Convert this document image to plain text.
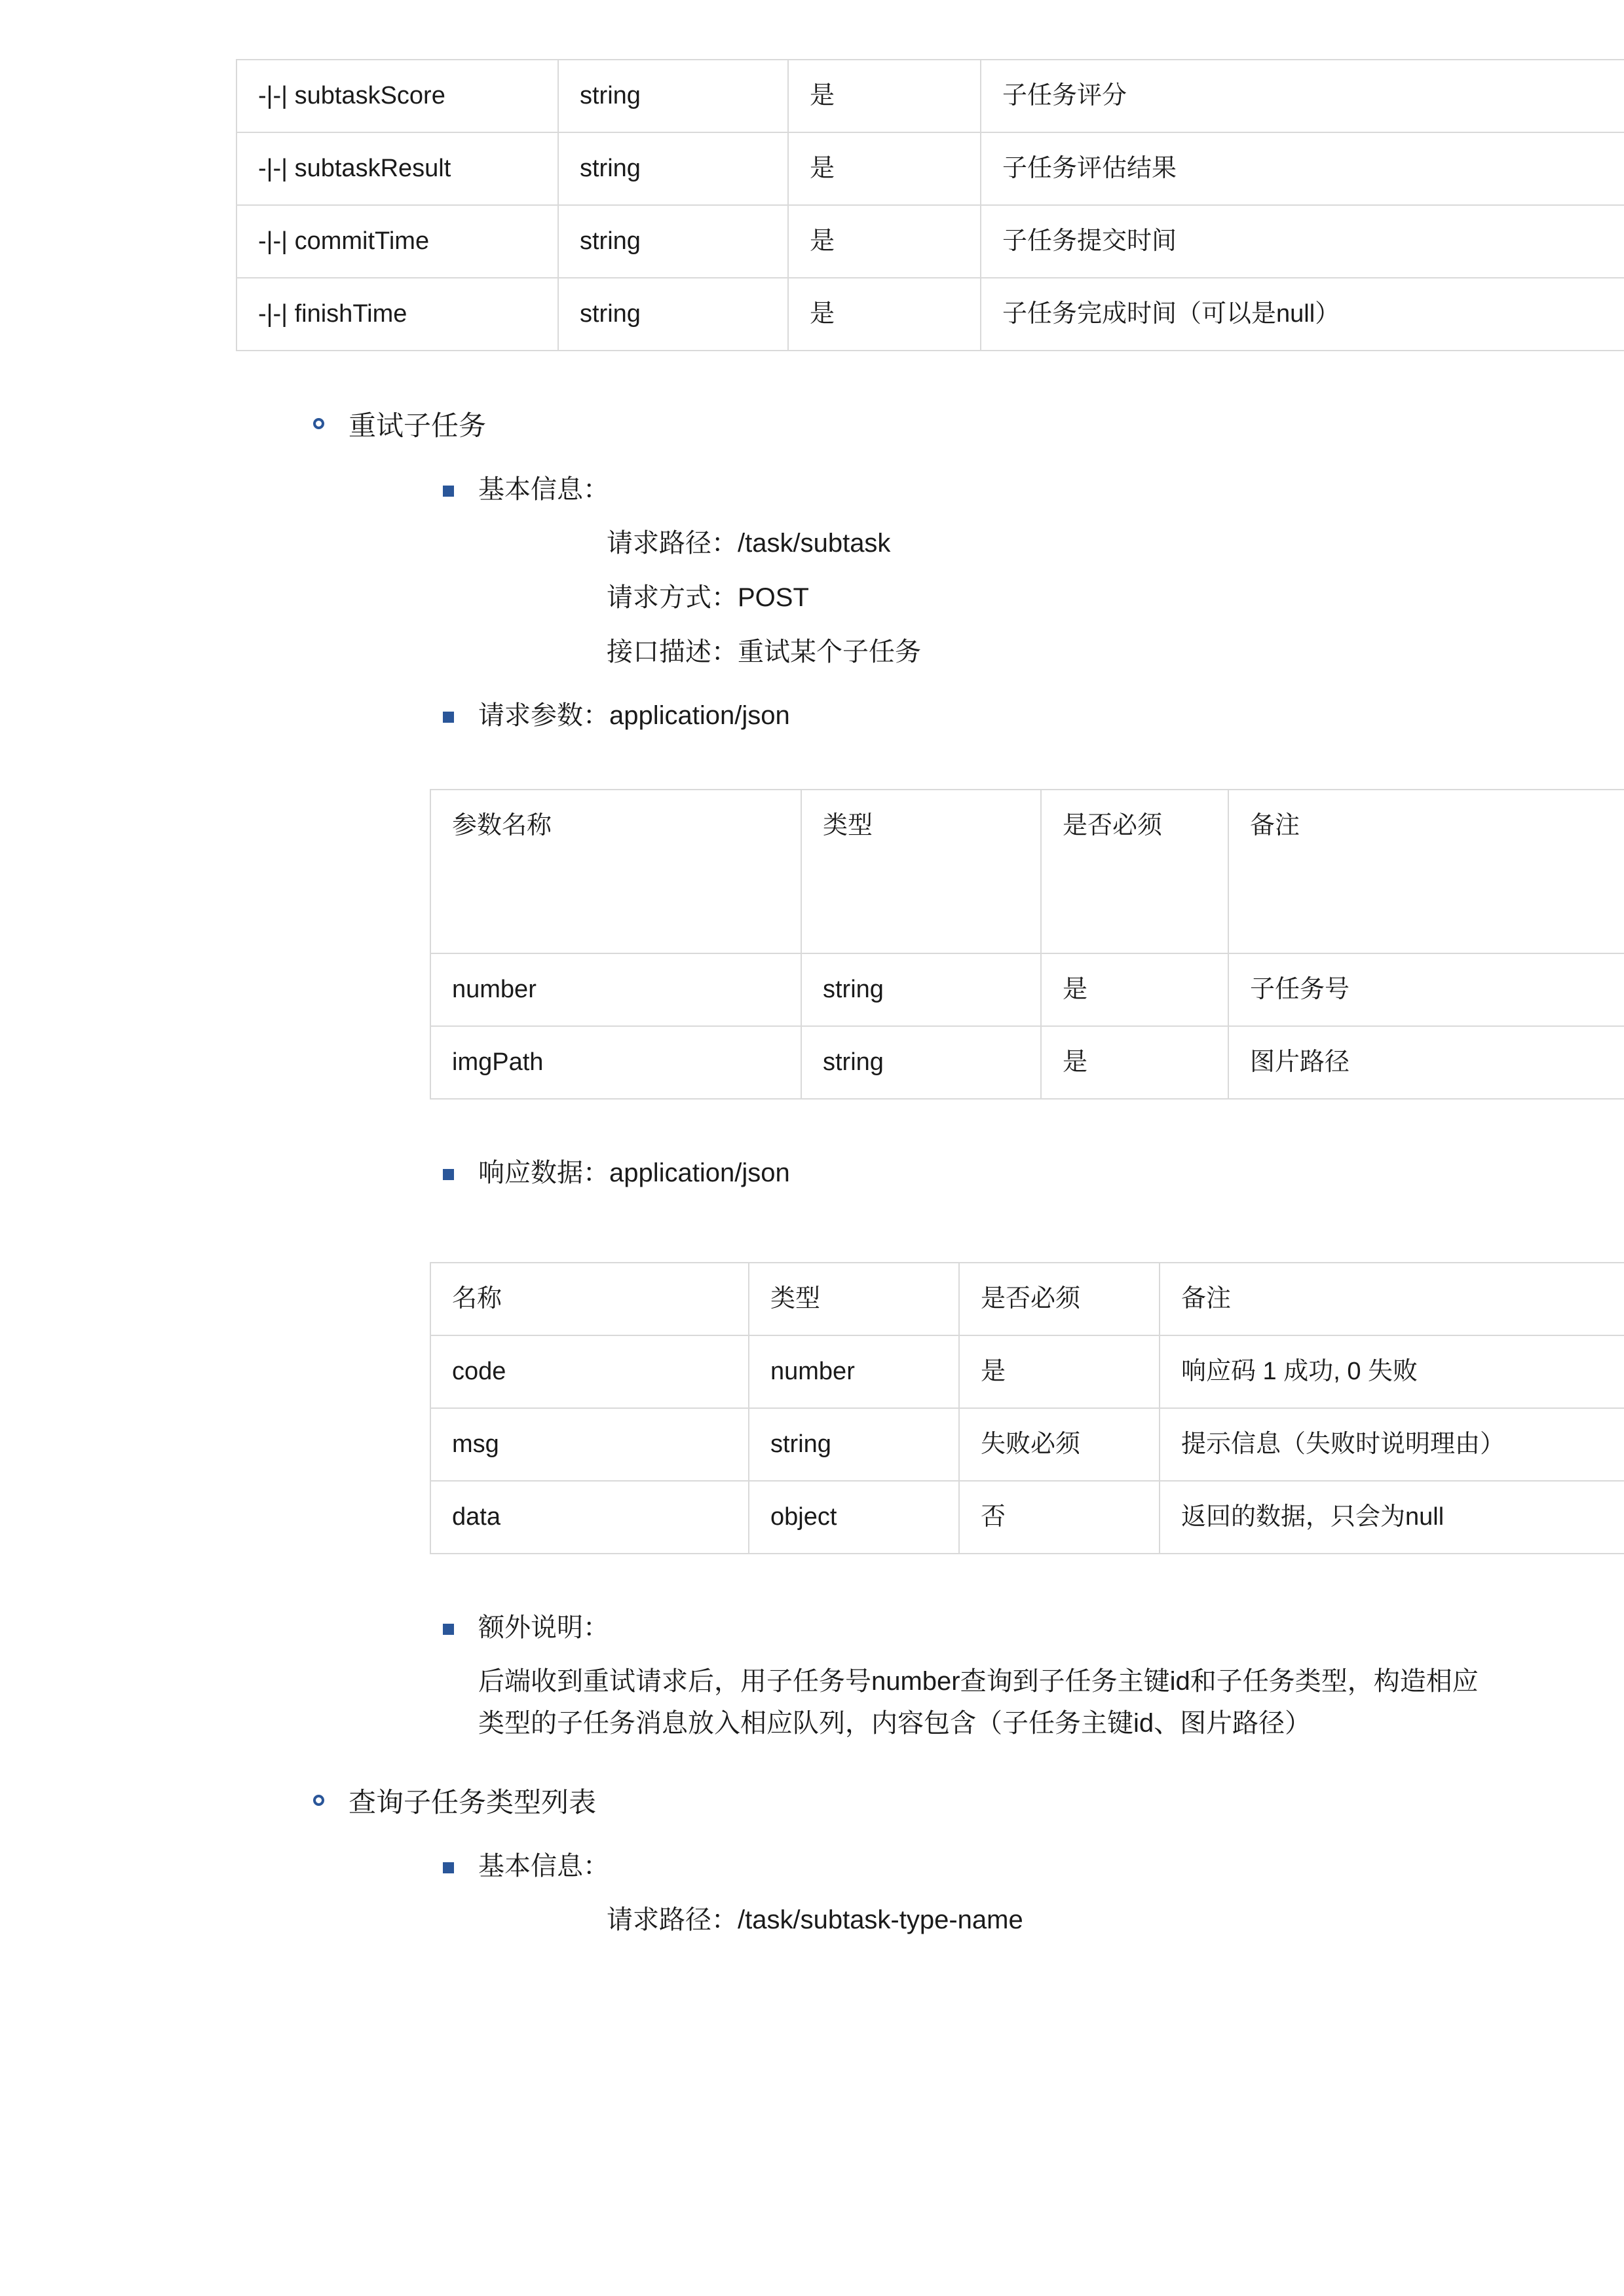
-|-| subtaskScore	string	是	子任务评分
-|-| subtaskResult	string	是	子任务评估结果
-|-| commitTime	string	是	子任务提交时间
-|-| finishTime	string	是	子任务完成时间（可以是null）
重试子任务
基本信息：

请求路径：/task/subtask

请求方式：POST

接口描述：重试某个子任务

请求参数：application/json
参数名称	类型	是否必须	备注
number	string	是	子任务号
imgPath	string	是	图片路径
响应数据：application/json
名称	类型	是否必须	备注
code	number	是	响应码 1 成功, 0 失败
msg	string	失败必须	提示信息（失败时说明理由）
data	object	否	返回的数据，只会为null
额外说明：

后端收到重试请求后，用子任务号number查询到子任务主键id和子任务类型，构造相应类型的子任务消息放入相应队列，内容包含（子任务主键id、图片路径）

查询子任务类型列表
基本信息：

请求路径：/task/subtask-type-name
